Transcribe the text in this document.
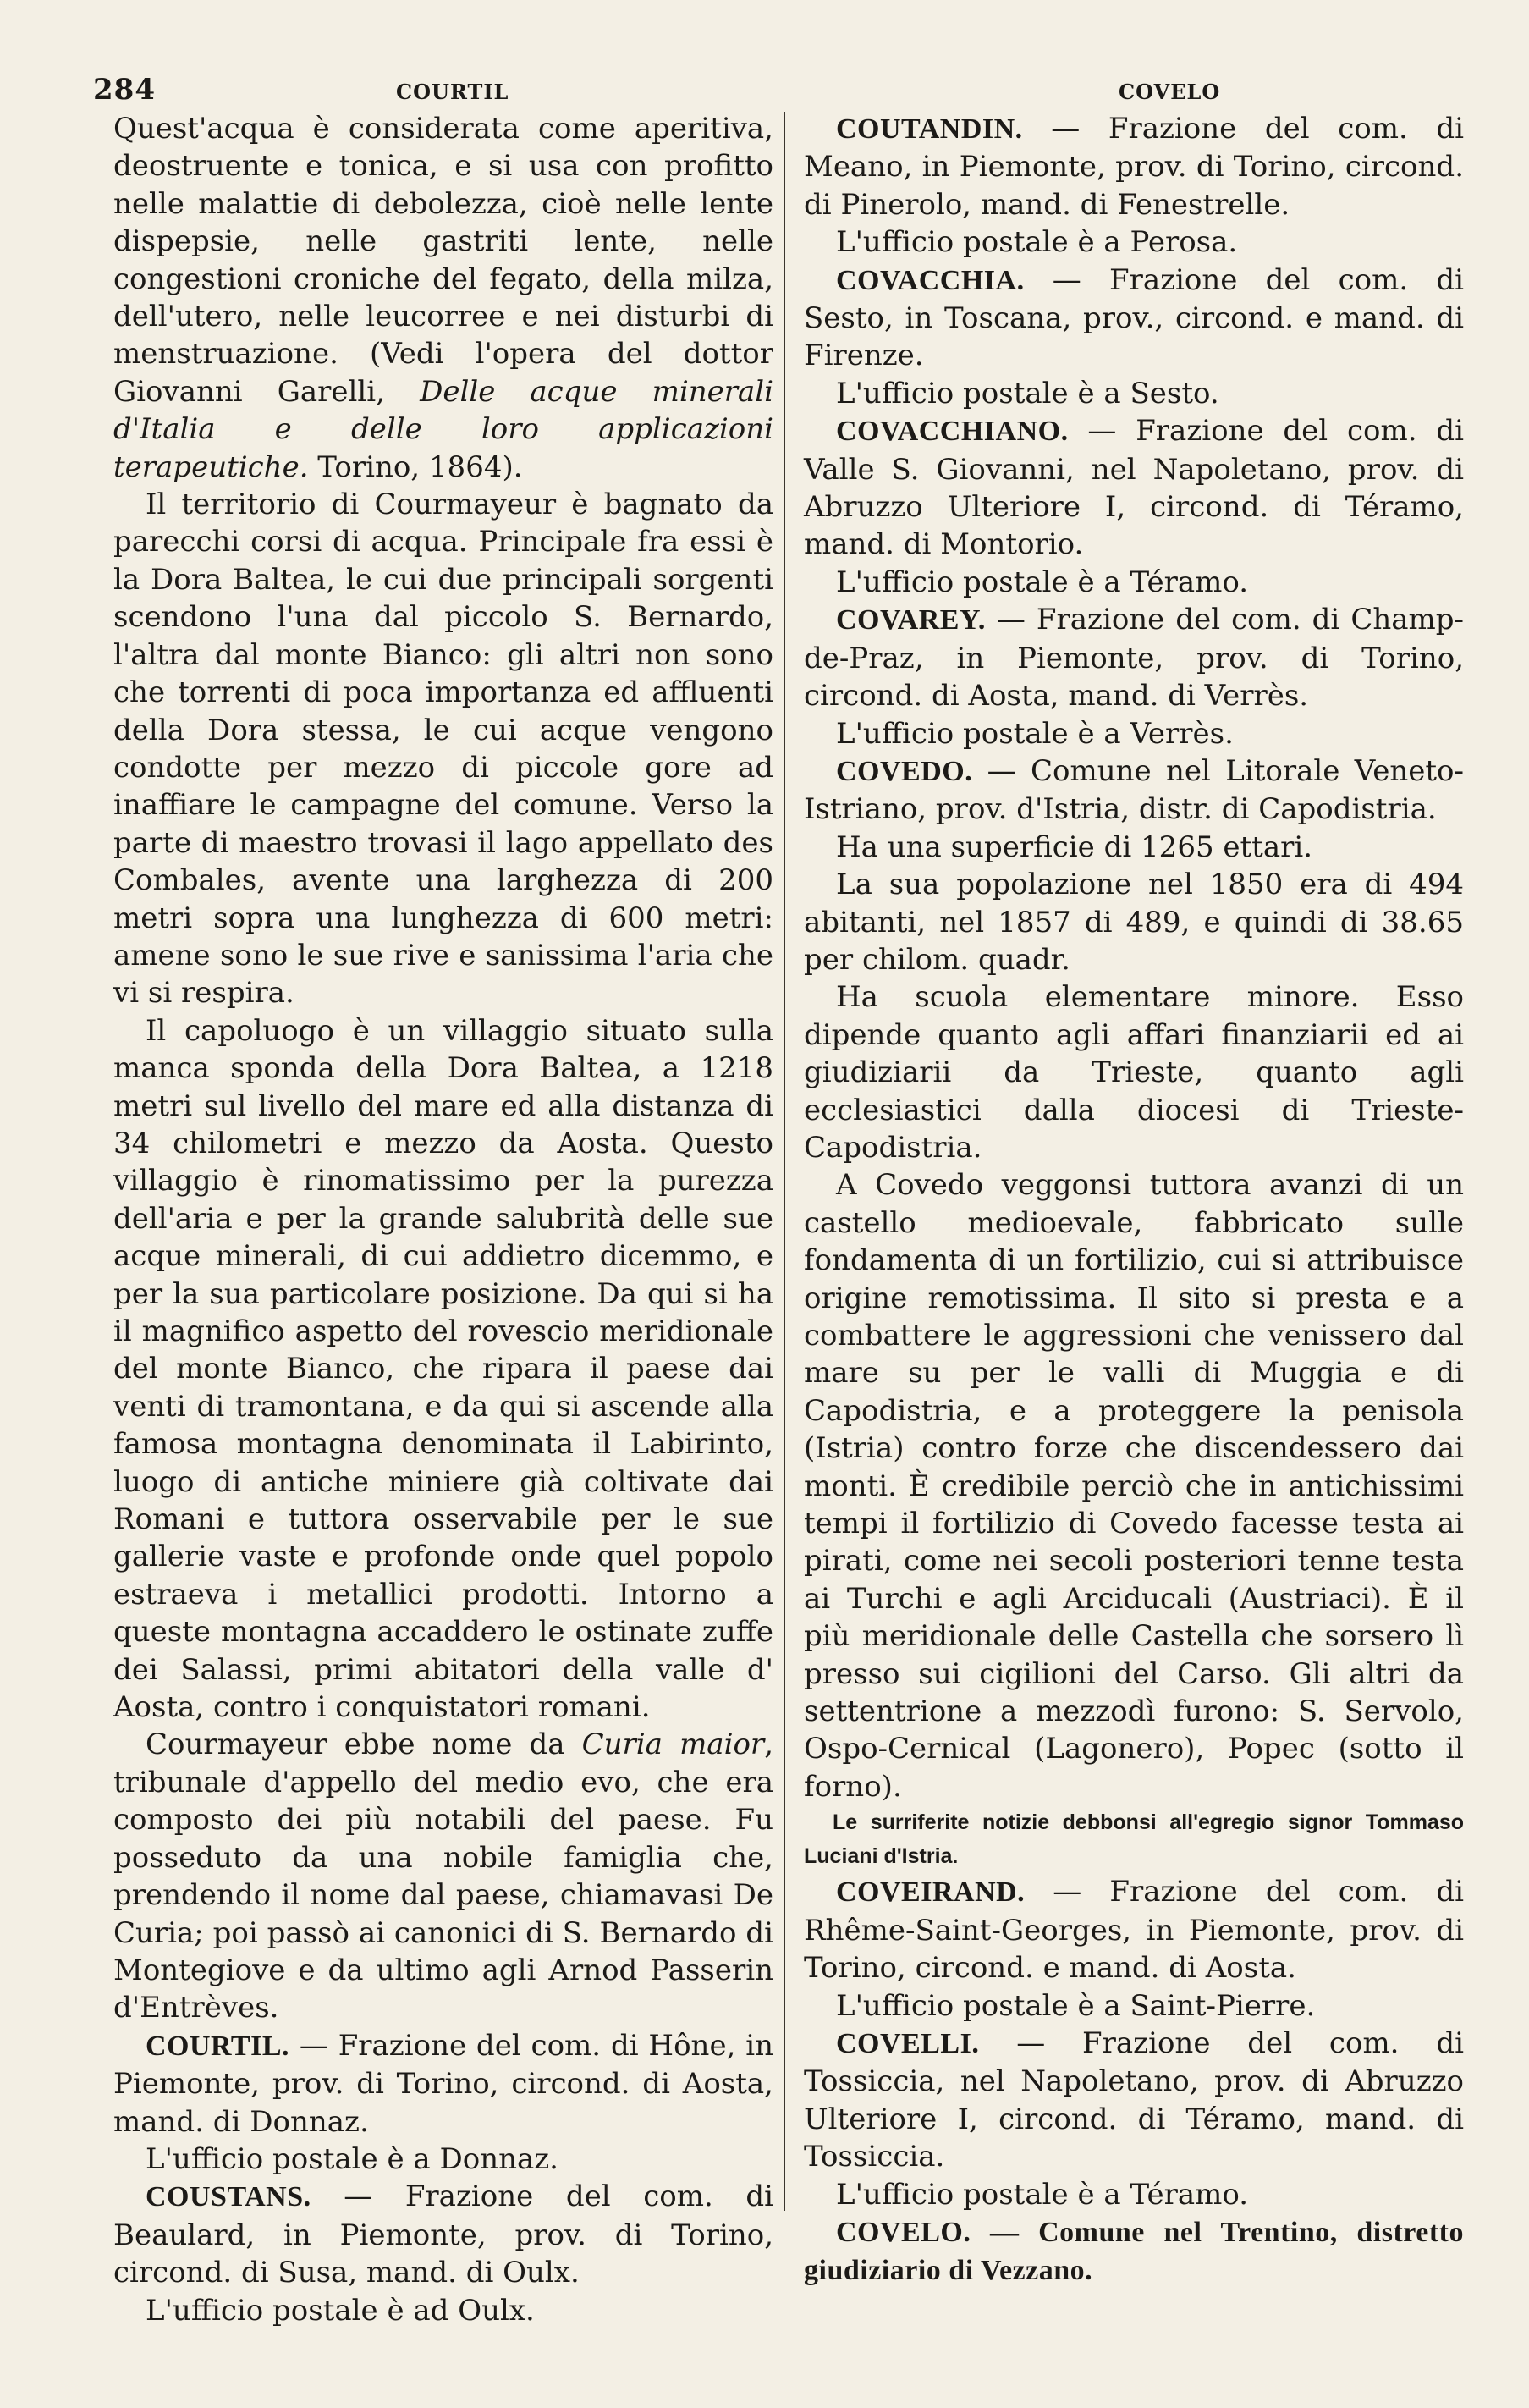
284	COURTIL	COVELO

Quest'acqua è considerata come aperitiva, deostruente e tonica, e si usa con profitto nelle malattie di debolezza, cioè nelle lente dispepsie, nelle gastriti lente, nelle congestioni croniche del fegato, della milza, dell'utero, nelle leucorree e nei disturbi di menstruazione. (Vedi l'opera del dottor Giovanni Garelli, Delle acque minerali d'Italia e delle loro applicazioni terapeutiche. Torino, 1864).

Il territorio di Courmayeur è bagnato da parecchi corsi di acqua. Principale fra essi è la Dora Baltea, le cui due principali sorgenti scendono l'una dal piccolo S. Bernardo, l'altra dal monte Bianco: gli altri non sono che torrenti di poca importanza ed affluenti della Dora stessa, le cui acque vengono condotte per mezzo di piccole gore ad inaffiare le campagne del comune. Verso la parte di maestro trovasi il lago appellato des Combales, avente una larghezza di 200 metri sopra una lunghezza di 600 metri: amene sono le sue rive e sanissima l'aria che vi si respira.

Il capoluogo è un villaggio situato sulla manca sponda della Dora Baltea, a 1218 metri sul livello del mare ed alla distanza di 34 chilometri e mezzo da Aosta. Questo villaggio è rinomatissimo per la purezza dell'aria e per la grande salubrità delle sue acque minerali, di cui addietro dicemmo, e per la sua particolare posizione. Da qui si ha il magnifico aspetto del rovescio meridionale del monte Bianco, che ripara il paese dai venti di tramontana, e da qui si ascende alla famosa montagna denominata il Labirinto, luogo di antiche miniere già coltivate dai Romani e tuttora osservabile per le sue gallerie vaste e profonde onde quel popolo estraeva i metallici prodotti. Intorno a queste montagna accaddero le ostinate zuffe dei Salassi, primi abitatori della valle d' Aosta, contro i conquistatori romani.

Courmayeur ebbe nome da Curia maior, tribunale d'appello del medio evo, che era composto dei più notabili del paese. Fu posseduto da una nobile famiglia che, prendendo il nome dal paese, chiamavasi De Curia; poi passò ai canonici di S. Bernardo di Montegiove e da ultimo agli Arnod Passerin d'Entrèves.

COURTIL. — Frazione del com. di Hône, in Piemonte, prov. di Torino, circond. di Aosta, mand. di Donnaz.

L'ufficio postale è a Donnaz.

COUSTANS. — Frazione del com. di Beaulard, in Piemonte, prov. di Torino, circond. di Susa, mand. di Oulx.

L'ufficio postale è ad Oulx.

COUTANDIN. — Frazione del com. di Meano, in Piemonte, prov. di Torino, circond. di Pinerolo, mand. di Fenestrelle.

L'ufficio postale è a Perosa.

COVACCHIA. — Frazione del com. di Sesto, in Toscana, prov., circond. e mand. di Firenze.

L'ufficio postale è a Sesto.

COVACCHIANO. — Frazione del com. di Valle S. Giovanni, nel Napoletano, prov. di Abruzzo Ulteriore I, circond. di Téramo, mand. di Montorio.

L'ufficio postale è a Téramo.

COVAREY. — Frazione del com. di Champ-de-Praz, in Piemonte, prov. di Torino, circond. di Aosta, mand. di Verrès.

L'ufficio postale è a Verrès.

COVEDO. — Comune nel Litorale Veneto-Istriano, prov. d'Istria, distr. di Capodistria.

Ha una superficie di 1265 ettari.

La sua popolazione nel 1850 era di 494 abitanti, nel 1857 di 489, e quindi di 38.65 per chilom. quadr.

Ha scuola elementare minore. Esso dipende quanto agli affari finanziarii ed ai giudiziarii da Trieste, quanto agli ecclesiastici dalla diocesi di Trieste-Capodistria.

A Covedo veggonsi tuttora avanzi di un castello medioevale, fabbricato sulle fondamenta di un fortilizio, cui si attribuisce origine remotissima. Il sito si presta e a combattere le aggressioni che venissero dal mare su per le valli di Muggia e di Capodistria, e a proteggere la penisola (Istria) contro forze che discendessero dai monti. È credibile perciò che in antichissimi tempi il fortilizio di Covedo facesse testa ai pirati, come nei secoli posteriori tenne testa ai Turchi e agli Arciducali (Austriaci). È il più meridionale delle Castella che sorsero lì presso sui cigilioni del Carso. Gli altri da settentrione a mezzodì furono: S. Servolo, Ospo-Cernical (Lagonero), Popec (sotto il forno).

Le surriferite notizie debbonsi all'egregio signor Tommaso Luciani d'Istria.

COVEIRAND. — Frazione del com. di Rhême-Saint-Georges, in Piemonte, prov. di Torino, circond. e mand. di Aosta.

L'ufficio postale è a Saint-Pierre.

COVELLI. — Frazione del com. di Tossiccia, nel Napoletano, prov. di Abruzzo Ulteriore I, circond. di Téramo, mand. di Tossiccia.

L'ufficio postale è a Téramo.

COVELO. — Comune nel Trentino, distretto giudiziario di Vezzano.
